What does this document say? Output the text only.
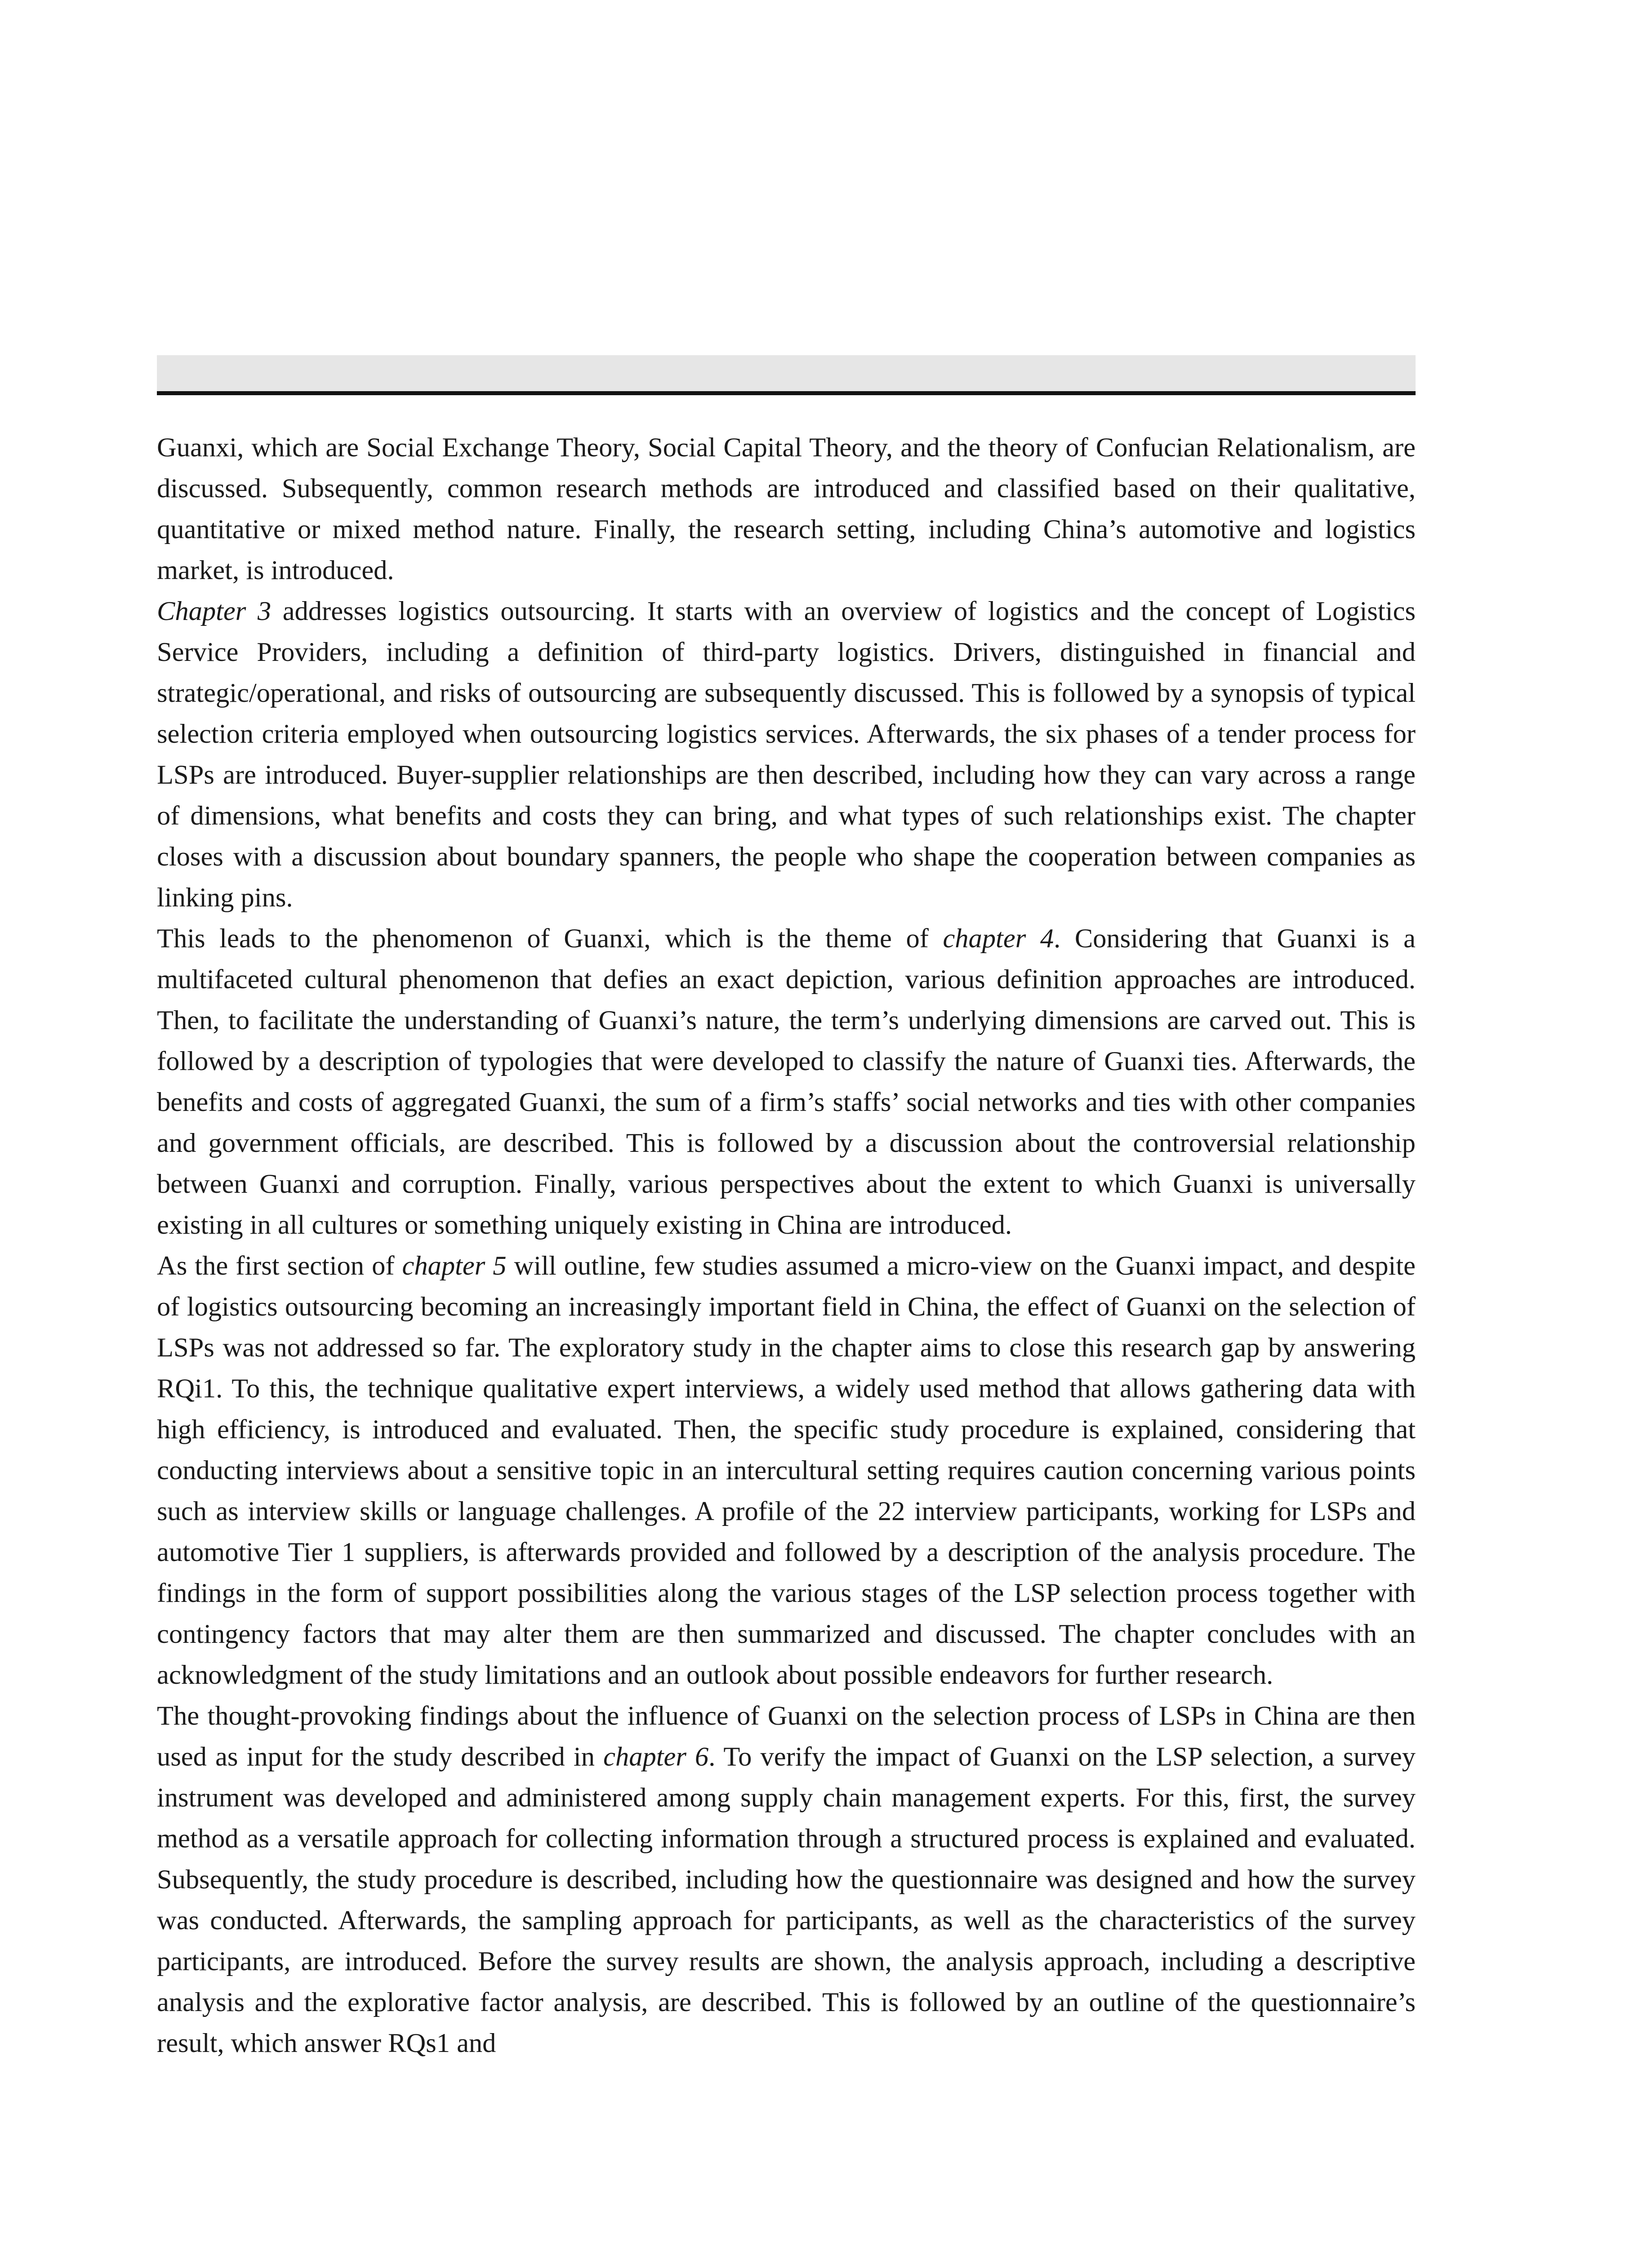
Guanxi, which are Social Exchange Theory, Social Capital Theory, and the theory of Confucian Relationalism, are discussed. Subsequently, common research methods are introduced and classified based on their qualitative, quantitative or mixed method nature. Finally, the research setting, including China’s automotive and logistics market, is introduced.

Chapter 3 addresses logistics outsourcing. It starts with an overview of logistics and the concept of Logistics Service Providers, including a definition of third-party logistics. Drivers, distinguished in financial and strategic/operational, and risks of outsourcing are subsequently discussed. This is followed by a synopsis of typical selection criteria employed when outsourcing logistics services. Afterwards, the six phases of a tender process for LSPs are introduced. Buyer-supplier relationships are then described, including how they can vary across a range of dimensions, what benefits and costs they can bring, and what types of such relationships exist. The chapter closes with a discussion about boundary spanners, the people who shape the cooperation between companies as linking pins.

This leads to the phenomenon of Guanxi, which is the theme of chapter 4. Considering that Guanxi is a multifaceted cultural phenomenon that defies an exact depiction, various definition approaches are introduced. Then, to facilitate the understanding of Guanxi’s nature, the term’s underlying dimensions are carved out. This is followed by a description of typologies that were developed to classify the nature of Guanxi ties. Afterwards, the benefits and costs of aggregated Guanxi, the sum of a firm’s staffs’ social networks and ties with other companies and government officials, are described. This is followed by a discussion about the controversial relationship between Guanxi and corruption. Finally, various perspectives about the extent to which Guanxi is universally existing in all cultures or something uniquely existing in China are introduced.

As the first section of chapter 5 will outline, few studies assumed a micro-view on the Guanxi impact, and despite of logistics outsourcing becoming an increasingly important field in China, the effect of Guanxi on the selection of LSPs was not addressed so far. The exploratory study in the chapter aims to close this research gap by answering RQi1. To this, the technique qualitative expert interviews, a widely used method that allows gathering data with high efficiency, is introduced and evaluated. Then, the specific study procedure is explained, considering that conducting interviews about a sensitive topic in an intercultural setting requires caution concerning various points such as interview skills or language challenges. A profile of the 22 interview participants, working for LSPs and automotive Tier 1 suppliers, is afterwards provided and followed by a description of the analysis procedure. The findings in the form of support possibilities along the various stages of the LSP selection process together with contingency factors that may alter them are then summarized and discussed. The chapter concludes with an acknowledgment of the study limitations and an outlook about possible endeavors for further research.

The thought-provoking findings about the influence of Guanxi on the selection process of LSPs in China are then used as input for the study described in chapter 6. To verify the impact of Guanxi on the LSP selection, a survey instrument was developed and administered among supply chain management experts. For this, first, the survey method as a versatile approach for collecting information through a structured process is explained and evaluated. Subsequently, the study procedure is described, including how the questionnaire was designed and how the survey was conducted. Afterwards, the sampling approach for participants, as well as the characteristics of the survey participants, are introduced. Before the survey results are shown, the analysis approach, including a descriptive analysis and the explorative factor analysis, are described. This is followed by an outline of the questionnaire’s result, which answer RQs1 and
